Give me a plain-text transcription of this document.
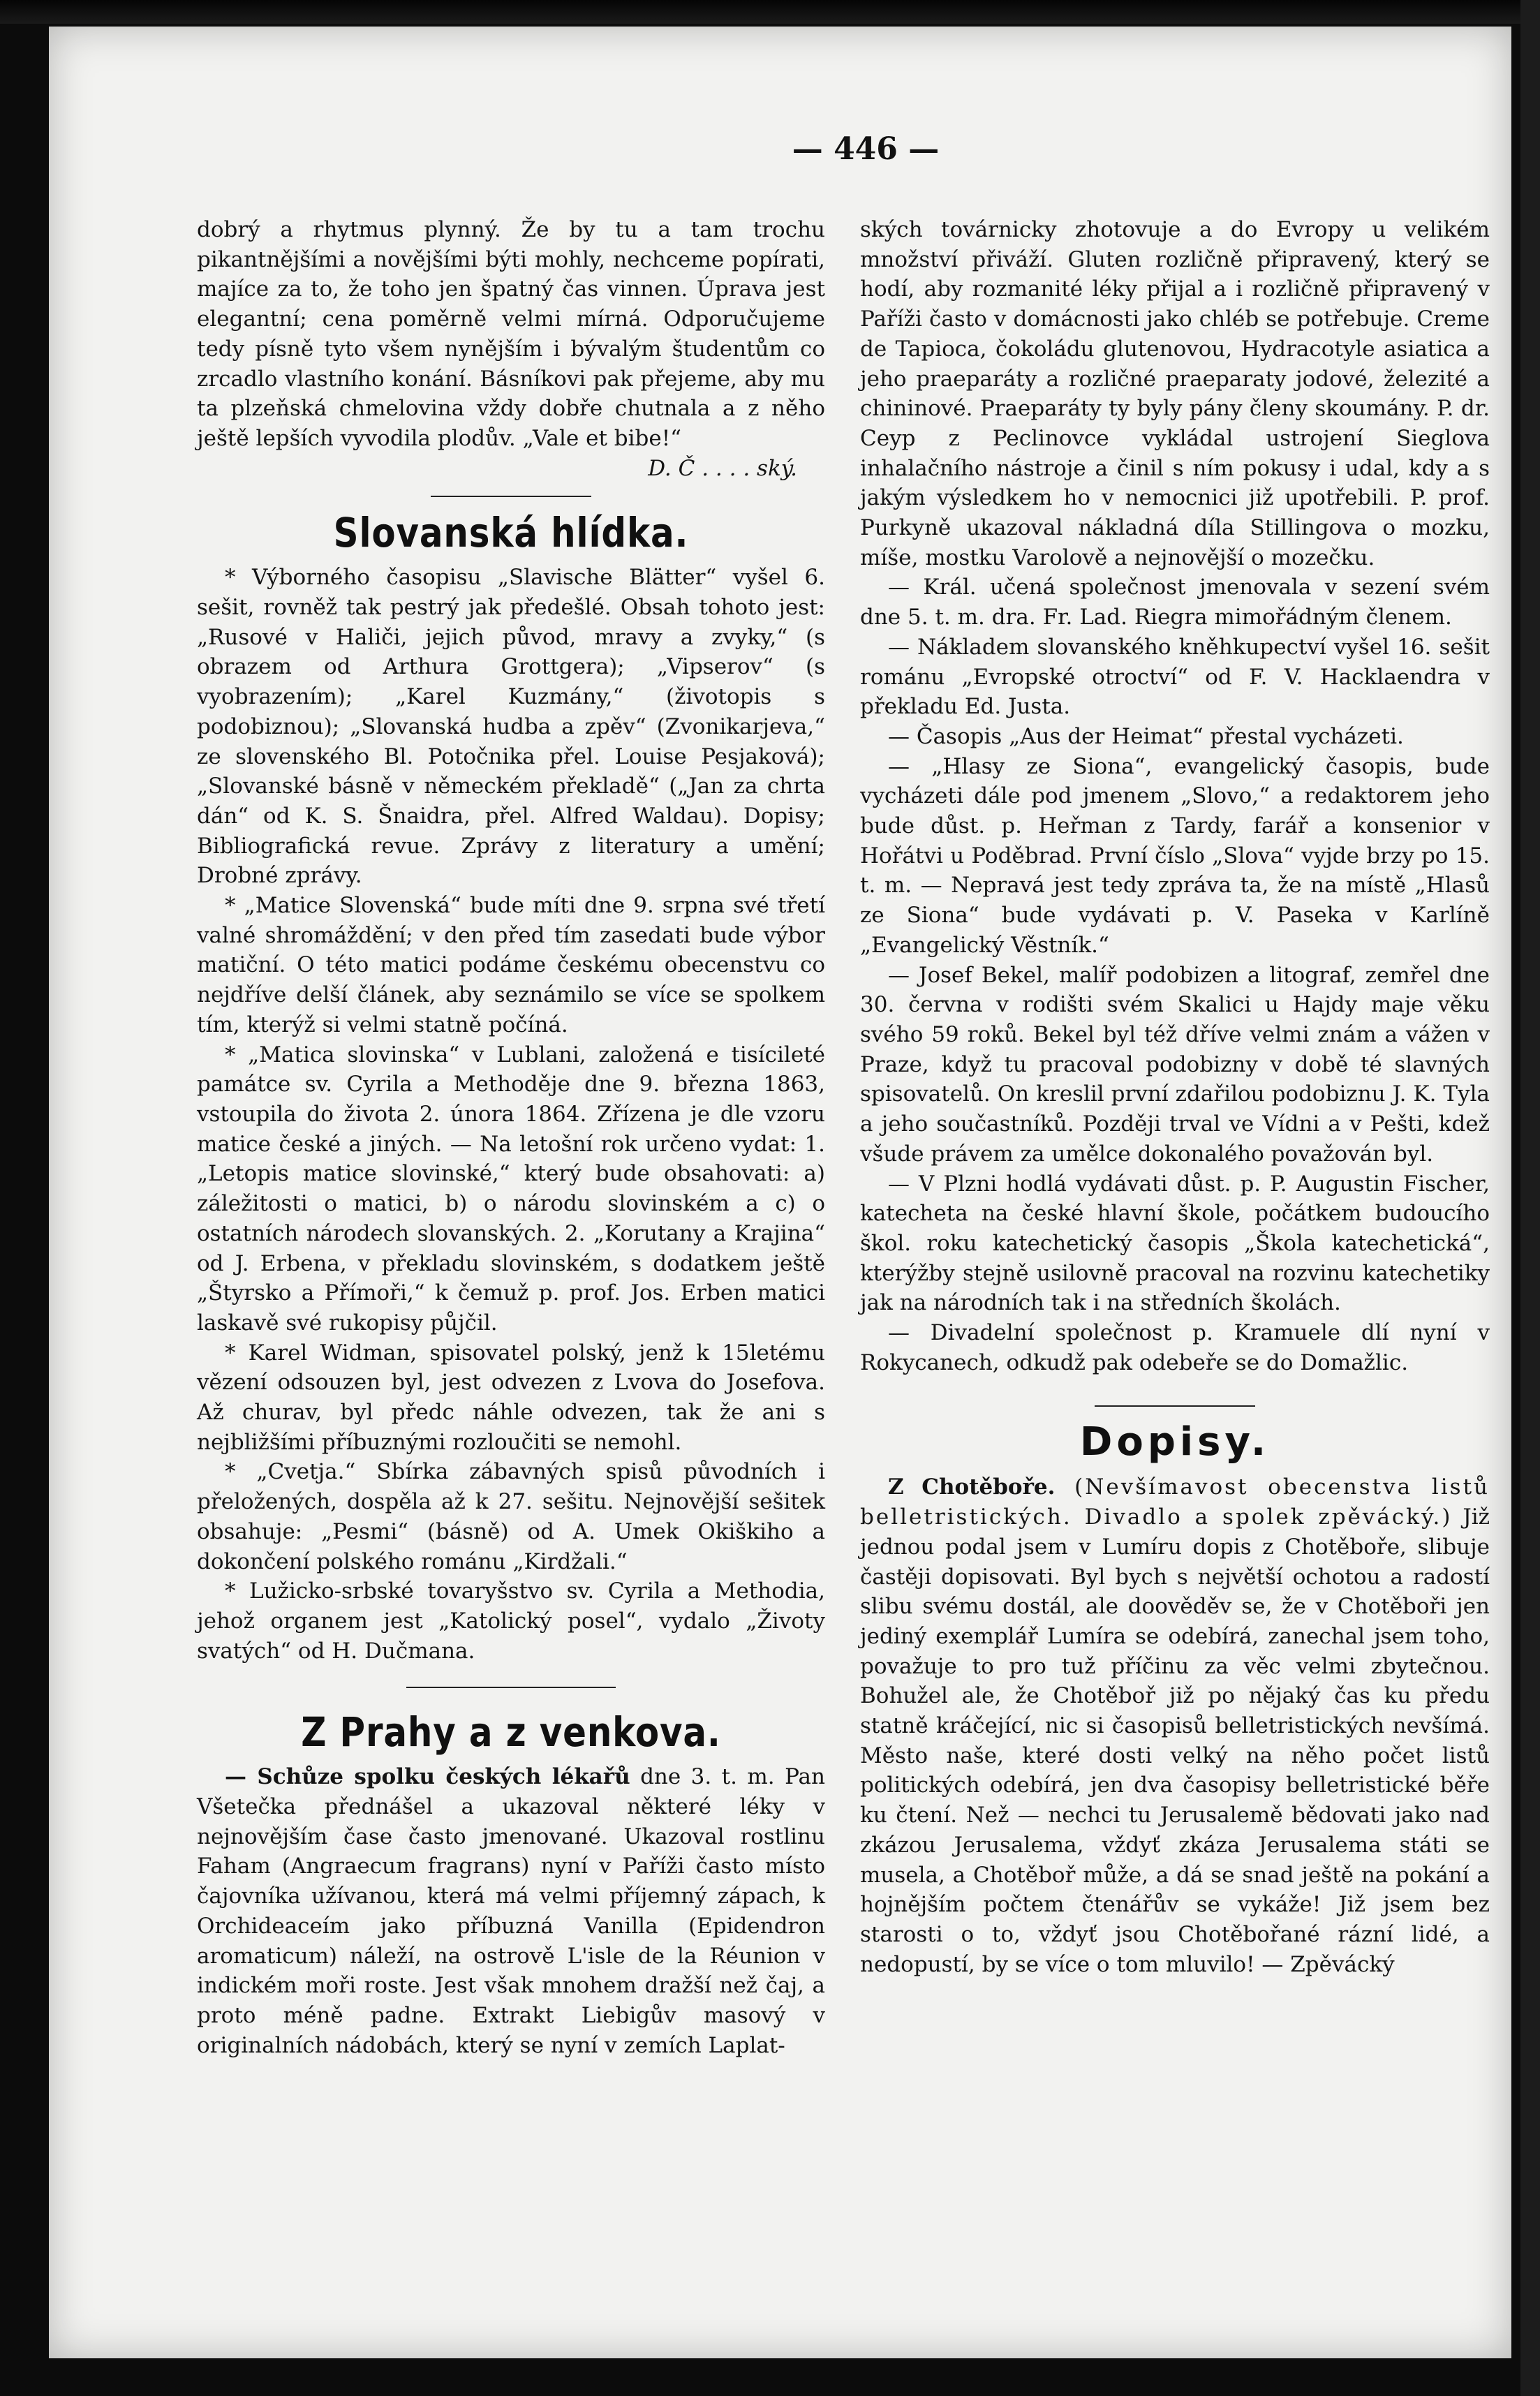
— 446 —

dobrý a rhytmus plynný. Že by tu a tam trochu pikantnějšími a novějšími býti mohly, nechceme popírati, majíce za to, že toho jen špatný čas vinnen. Úprava jest elegantní; cena poměrně velmi mírná. Odporučujeme tedy písně tyto všem nynějším i bývalým študentům co zrcadlo vlastního konání. Básníkovi pak přejeme, aby mu ta plzeňská chmelovina vždy dobře chutnala a z něho ještě lepších vyvodila plodův. „Vale et bibe!“

D. Č . . . . ský.

Slovanská hlídka.

* Výborného časopisu „Slavische Blätter“ vyšel 6. sešit, rovněž tak pestrý jak předešlé. Obsah tohoto jest: „Rusové v Haliči, jejich původ, mravy a zvyky,“ (s obrazem od Arthura Grottgera); „Vipserov“ (s vyobrazením); „Karel Kuzmány,“ (životopis s podobiznou); „Slovanská hudba a zpěv“ (Zvonikarjeva,“ ze slovenského Bl. Potočnika přel. Louise Pesjaková); „Slovanské básně v německém překladě“ („Jan za chrta dán“ od K. S. Šnaidra, přel. Alfred Waldau). Dopisy; Bibliografická revue. Zprávy z literatury a umění; Drobné zprávy.

* „Matice Slovenská“ bude míti dne 9. srpna své třetí valné shromáždění; v den před tím zasedati bude výbor matiční. O této matici podáme českému obecenstvu co nejdříve delší článek, aby seznámilo se více se spolkem tím, kterýž si velmi statně počíná.

* „Matica slovinska“ v Lublani, založená e tisícileté památce sv. Cyrila a Methoděje dne 9. března 1863, vstoupila do života 2. února 1864. Zřízena je dle vzoru matice české a jiných. — Na letošní rok určeno vydat: 1. „Letopis matice slovinské,“ který bude obsahovati: a) záležitosti o matici, b) o národu slovinském a c) o ostatních národech slovanských. 2. „Korutany a Krajina“ od J. Erbena, v překladu slovinském, s dodatkem ještě „Štyrsko a Přímoři,“ k čemuž p. prof. Jos. Erben matici laskavě své rukopisy půjčil.

* Karel Widman, spisovatel polský, jenž k 15letému vězení odsouzen byl, jest odvezen z Lvova do Josefova. Až churav, byl předc náhle odvezen, tak že ani s nejbližšími příbuznými rozloučiti se nemohl.

* „Cvetja.“ Sbírka zábavných spisů původních i přeložených, dospěla až k 27. sešitu. Nejnovější sešitek obsahuje: „Pesmi“ (básně) od A. Umek Okiškiho a dokončení polského románu „Kirdžali.“

* Lužicko-srbské tovaryšstvo sv. Cyrila a Methodia, jehož organem jest „Katolický posel“, vydalo „Životy svatých“ od H. Dučmana.

Z Prahy a z venkova.

— Schůze spolku českých lékařů dne 3. t. m. Pan Všetečka přednášel a ukazoval některé léky v nejnovějším čase často jmenované. Ukazoval rostlinu Faham (Angraecum fragrans) nyní v Paříži často místo čajovníka užívanou, která má velmi příjemný zápach, k Orchideaceím jako příbuzná Vanilla (Epidendron aromaticum) náleží, na ostrově L'isle de la Réunion v indickém moři roste. Jest však mnohem dražší než čaj, a proto méně padne. Extrakt Liebigův masový v originalních nádobách, který se nyní v zemích Laplat-

ských továrnicky zhotovuje a do Evropy u velikém množství přiváží. Gluten rozličně připravený, který se hodí, aby rozmanité léky přijal a i rozličně připravený v Paříži často v domácnosti jako chléb se potřebuje. Creme de Tapioca, čokoládu glutenovou, Hydracotyle asiatica a jeho praeparáty a rozličné praeparaty jodové, železité a chininové. Praeparáty ty byly pány členy skoumány. P. dr. Ceyp z Peclinovce vykládal ustrojení Sieglova inhalačního nástroje a činil s ním pokusy i udal, kdy a s jakým výsledkem ho v nemocnici již upotřebili. P. prof. Purkyně ukazoval nákladná díla Stillingova o mozku, míše, mostku Varolově a nejnovější o mozečku.

— Král. učená společnost jmenovala v sezení svém dne 5. t. m. dra. Fr. Lad. Riegra mimořádným členem.

— Nákladem slovanského kněhkupectví vyšel 16. sešit románu „Evropské otroctví“ od F. V. Hacklaendra v překladu Ed. Justa.

— Časopis „Aus der Heimat“ přestal vycházeti.

— „Hlasy ze Siona“, evangelický časopis, bude vycházeti dále pod jmenem „Slovo,“ a redaktorem jeho bude důst. p. Heřman z Tardy, farář a konsenior v Hořátvi u Poděbrad. První číslo „Slova“ vyjde brzy po 15. t. m. — Nepravá jest tedy zpráva ta, že na místě „Hlasů ze Siona“ bude vydávati p. V. Paseka v Karlíně „Evangelický Věstník.“

— Josef Bekel, malíř podobizen a litograf, zemřel dne 30. června v rodišti svém Skalici u Hajdy maje věku svého 59 roků. Bekel byl též dříve velmi znám a vážen v Praze, když tu pracoval podobizny v době té slavných spisovatelů. On kreslil první zdařilou podobiznu J. K. Tyla a jeho součastníků. Později trval ve Vídni a v Pešti, kdež všude právem za umělce dokonalého považován byl.

— V Plzni hodlá vydávati důst. p. P. Augustin Fischer, katecheta na české hlavní škole, počátkem budoucího škol. roku katechetický časopis „Škola katechetická“, kterýžby stejně usilovně pracoval na rozvinu katechetiky jak na národních tak i na středních školách.

— Divadelní společnost p. Kramuele dlí nyní v Rokycanech, odkudž pak odebeře se do Domažlic.

Dopisy.

Z Chotěboře. (Nevšímavost obecenstva listů belletristických. Divadlo a spolek zpěvácký.) Již jednou podal jsem v Lumíru dopis z Chotěboře, slibuje častěji dopisovati. Byl bych s největší ochotou a radostí slibu svému dostál, ale doověděv se, že v Chotěboři jen jediný exemplář Lumíra se odebírá, zanechal jsem toho, považuje to pro tuž příčinu za věc velmi zbytečnou. Bohužel ale, že Chotěboř již po nějaký čas ku předu statně kráčející, nic si časopisů belletristických nevšímá. Město naše, které dosti velký na něho počet listů politických odebírá, jen dva časopisy belletristické běře ku čtení. Než — nechci tu Jerusalemě bědovati jako nad zkázou Jerusalema, vždyť zkáza Jerusalema státi se musela, a Chotěboř může, a dá se snad ještě na pokání a hojnějším počtem čtenářův se vykáže! Již jsem bez starosti o to, vždyť jsou Chotěbořané rázní lidé, a nedopustí, by se více o tom mluvilo! — Zpěvácký
